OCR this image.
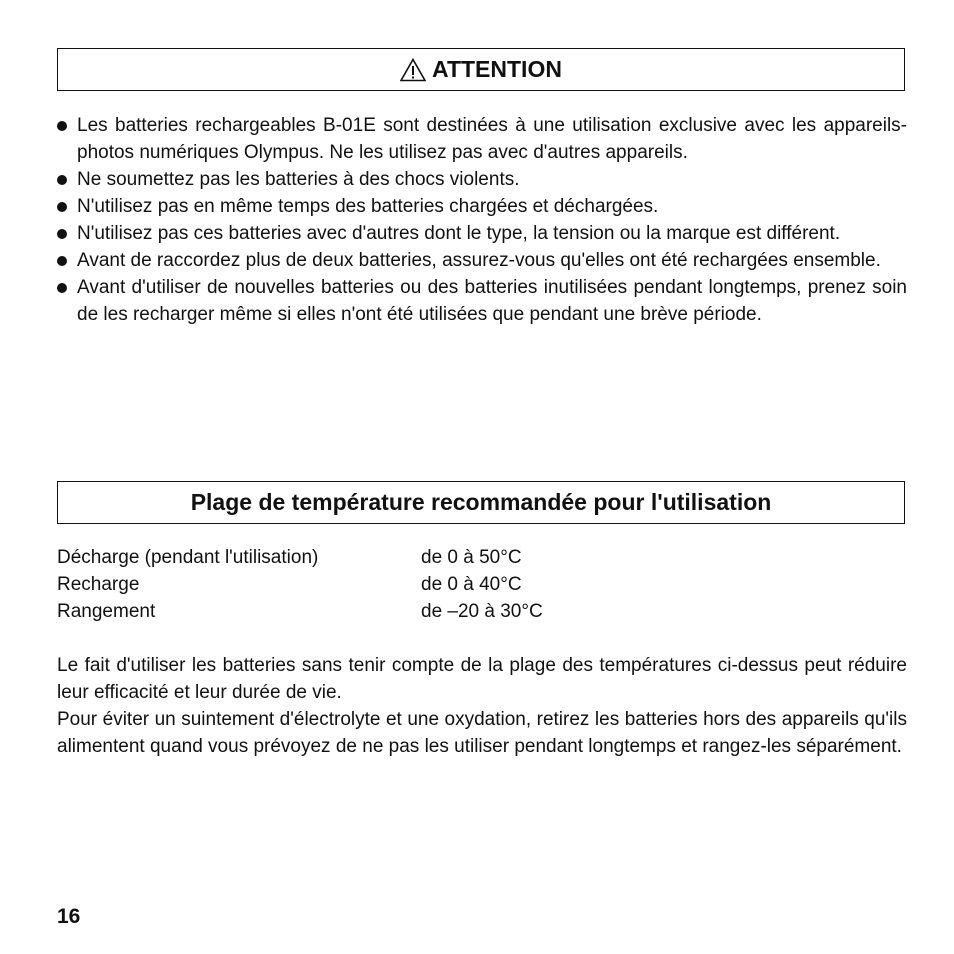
ATTENTION
Les batteries rechargeables B-01E sont destinées à une utilisation exclusive avec les appareils-photos numériques Olympus. Ne les utilisez pas avec d'autres appareils.
Ne soumettez pas les batteries à des chocs violents.
N'utilisez pas en même temps des batteries chargées et déchargées.
N'utilisez pas ces batteries avec d'autres dont le type, la tension ou la marque est différent.
Avant de raccordez plus de deux batteries, assurez-vous qu'elles ont été rechargées ensemble.
Avant d'utiliser de nouvelles batteries ou des batteries inutilisées pendant longtemps, prenez soin de les recharger même si elles n'ont été utilisées que pendant une brève période.
Plage de température recommandée pour l'utilisation
Décharge (pendant l'utilisation)	de 0 à 50°C
Recharge	de 0 à 40°C
Rangement	de –20 à 30°C

Le fait d'utiliser les batteries sans tenir compte de la plage des températures ci-dessus peut réduire leur efficacité et leur durée de vie.

Pour éviter un suintement d'électrolyte et une oxydation, retirez les batteries hors des appareils qu'ils alimentent quand vous prévoyez de ne pas les utiliser pendant longtemps et rangez-les séparément.

16
